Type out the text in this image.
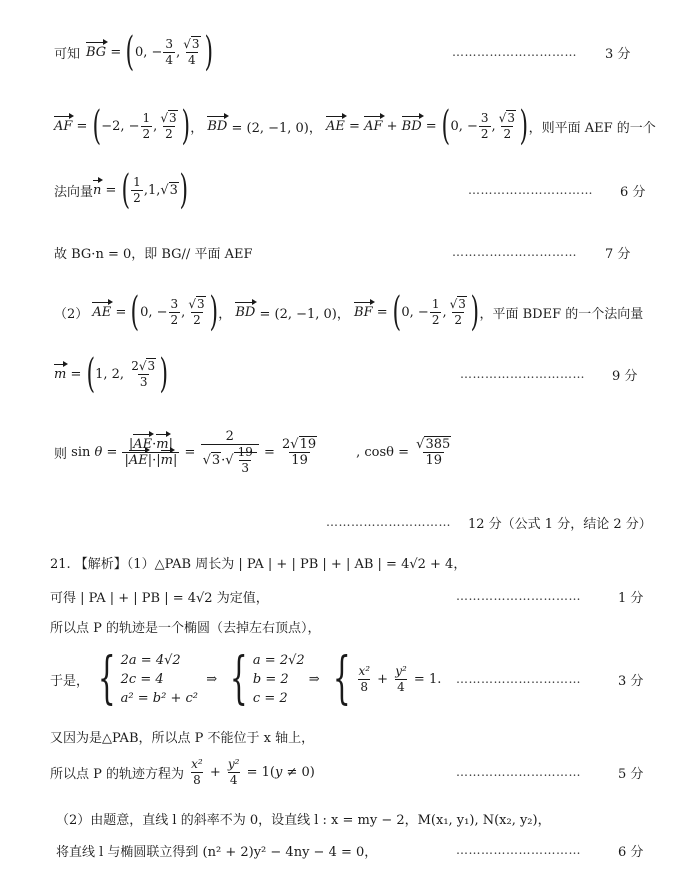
可知 BG = ( 0, − $\frac{3}{4}$ , $\frac{√3}{4}$ )	………………………… 3 分
AF = ( −2, − $\frac{1}{2}$ , $\frac{√3}{2}$ ) ， BD = (2, −1, 0)， AE = AF + BD = ( 0, − $\frac{3}{2}$ , $\frac{√3}{2}$ ) ，则平面 AEF 的一个
法向量 n = ( $\frac{1}{2} ,1,√$ 3 )	………………………… 6 分
故 BG·n = 0，即 BG// 平面 AEF	………………………… 7 分
（2）
AE = ( 0, − $\frac{3}{2}$ , $\frac{√3}{2}$ ) ， BD = (2, −1, 0)， BF = ( 0, − $\frac{1}{2}$ , $\frac{√3}{2}$ ) ，平面 BDEF 的一个法向量
m = ( 1, 2, $\frac{2√3}{3}$ )	………………………… 9 分
则 $\sin \theta = \frac{|AE\cdot m|}{|AE|\cdot|m|} = \frac{2}{√3\cdot√ \frac{19}{3}} = \frac{2√19}{19}$	, cosθ =
$\frac{√385}{19}$
………………………… 12 分（公式 1 分，结论 2 分）
21. 【解析】（1） △PAB 周长为 | PA | + | PB | + | AB | = 4√2 + 4，
可得 | PA | + | PB | = 4√2 为定值，	…………………………	1 分
所以点 P 的轨迹是一个椭圆（去掉左右顶点），
于是， { 2a = 4√2
2c = 4
a² = b² + c²
⇒ { a = 2√2
b = 2
c = 2
⇒ { $\frac{\text{x²}}{8} + \frac{\text{y²}}{4} = 1$. …………………………	3 分
又因为是△PAB，所以点 P 不能位于 x 轴上，
所以点 P 的轨迹方程为
$\frac{\text{x²}}{8} + \frac{\text{y²}}{4} = 1$( y ≠ 0)	…………………………	5 分
（2）由题意，直线 l 的斜率不为 0，设直线 l : x = my − 2，M(x₁, y₁), N(x₂, y₂)，
将直线 l 与椭圆联立得到 (n² + 2)y² − 4ny − 4 = 0，	…………………………	6 分
